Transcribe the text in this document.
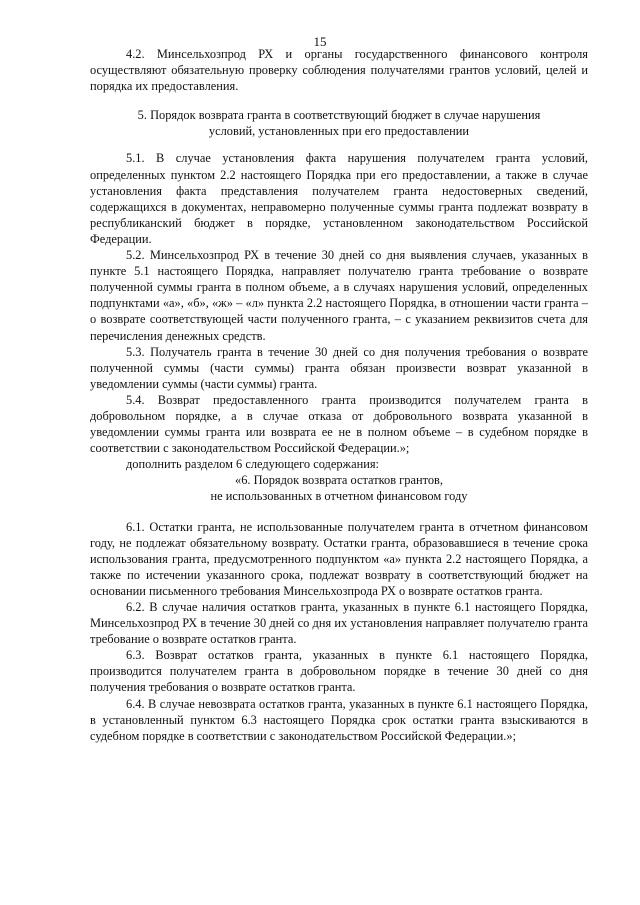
15

4.2. Минсельхозпрод РХ и органы государственного финансового контроля осуществляют обязательную проверку соблюдения получателями грантов условий, целей и порядка их предоставления.

5. Порядок возврата гранта в соответствующий бюджет в случае нарушения
условий, установленных при его предоставлении

5.1. В случае установления факта нарушения получателем гранта условий, определенных пунктом 2.2 настоящего Порядка при его предоставлении, а также в случае установления факта представления получателем гранта недостоверных сведений, содержащихся в документах, неправомерно полученные суммы гранта подлежат возврату в республиканский бюджет в порядке, установленном законодательством Российской Федерации.

5.2. Минсельхозпрод РХ в течение 30 дней со дня выявления случаев, указанных в пункте 5.1 настоящего Порядка, направляет получателю гранта требование о возврате полученной суммы гранта в полном объеме, а в случаях нарушения условий, определенных подпунктами «а», «б», «ж» – «л» пункта 2.2 настоящего Порядка, в отношении части гранта – о возврате соответствующей части полученного гранта, – с указанием реквизитов счета для перечисления денежных средств.

5.3. Получатель гранта в течение 30 дней со дня получения требования о возврате полученной суммы (части суммы) гранта обязан произвести возврат указанной в уведомлении суммы (части суммы) гранта.

5.4. Возврат предоставленного гранта производится получателем гранта в добровольном порядке, а в случае отказа от добровольного возврата указанной в уведомлении суммы гранта или возврата ее не в полном объеме – в судебном порядке в соответствии с законодательством Российской Федерации.»;

дополнить разделом 6 следующего содержания:

«6. Порядок возврата остатков грантов,
не использованных в отчетном финансовом году

6.1. Остатки гранта, не использованные получателем гранта в отчетном финансовом году, не подлежат обязательному возврату. Остатки гранта, образовавшиеся в течение срока использования гранта, предусмотренного подпунктом «а» пункта 2.2 настоящего Порядка, а также по истечении указанного срока, подлежат возврату в соответствующий бюджет на основании письменного требования Минсельхозпрода РХ о возврате остатков гранта.

6.2. В случае наличия остатков гранта, указанных в пункте 6.1 настоящего Порядка, Минсельхозпрод РХ в течение 30 дней со дня их установления направляет получателю гранта требование о возврате остатков гранта.

6.3. Возврат остатков гранта, указанных в пункте 6.1 настоящего Порядка, производится получателем гранта в добровольном порядке в течение 30 дней со дня получения требования о возврате остатков гранта.

6.4. В случае невозврата остатков гранта, указанных в пункте 6.1 настоящего Порядка, в установленный пунктом 6.3 настоящего Порядка срок остатки гранта взыскиваются в судебном порядке в соответствии с законодательством Российской Федерации.»;
